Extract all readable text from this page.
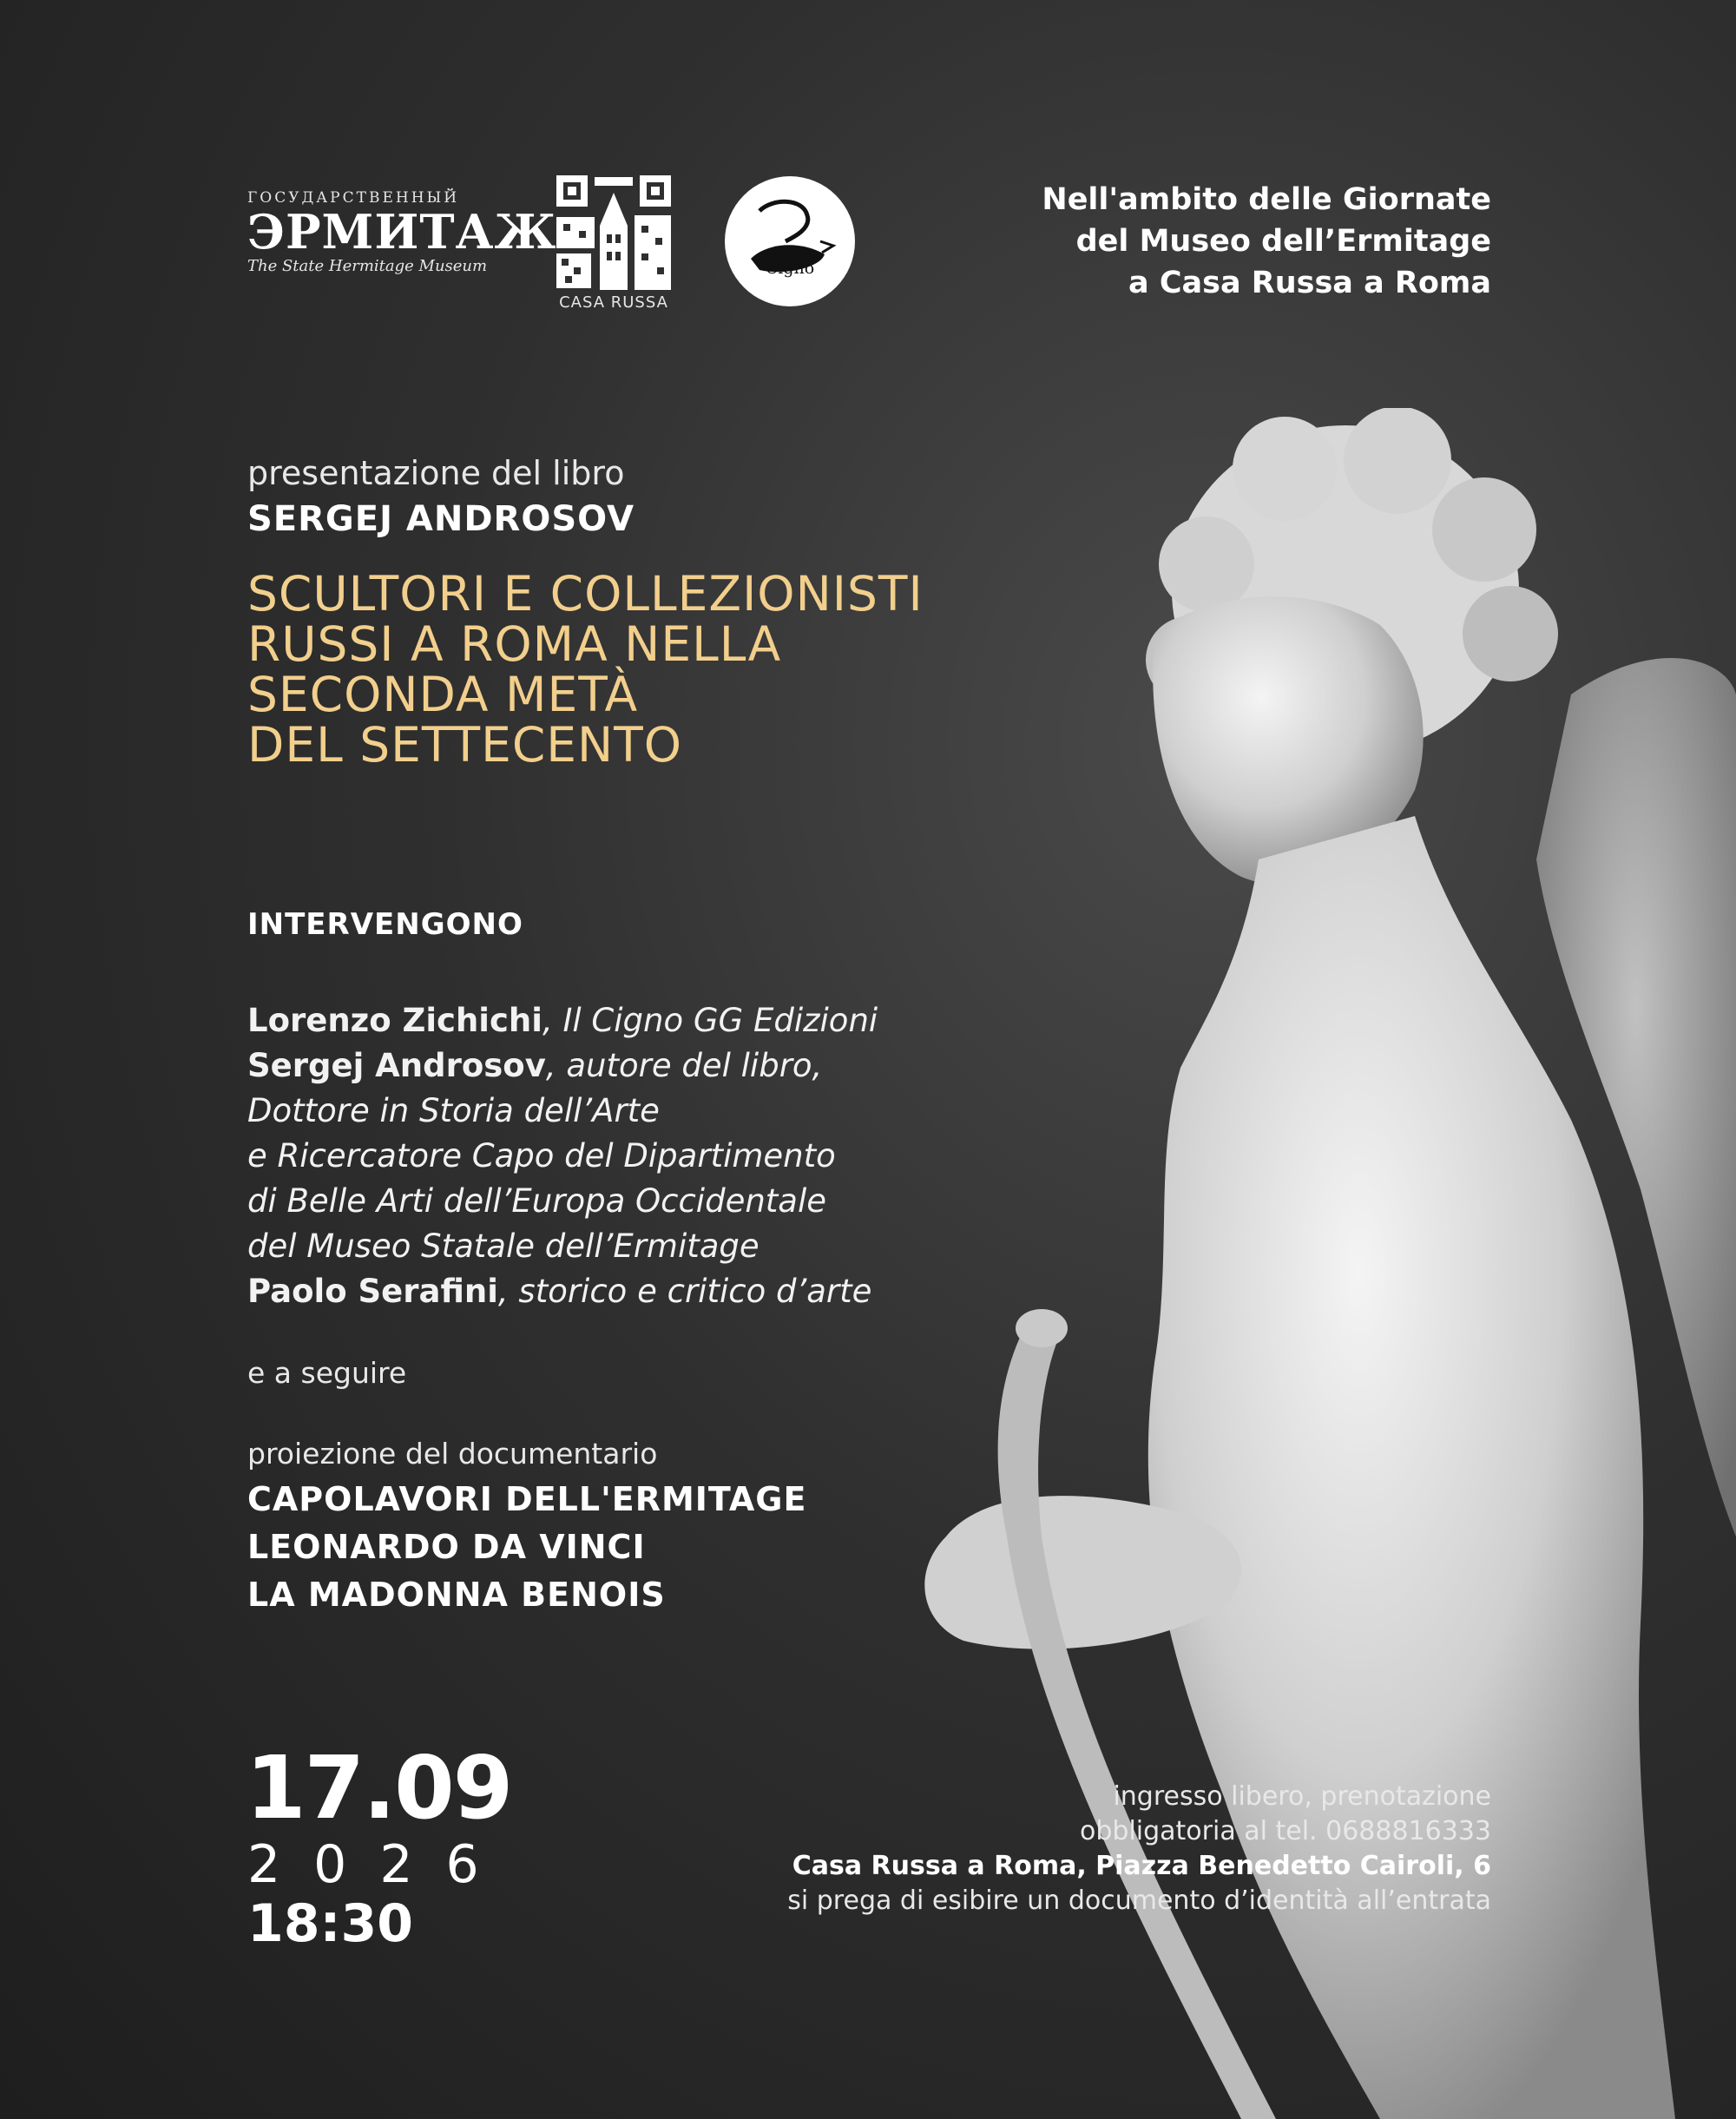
ГОСУДАРСТВЕННЫЙ
ЭРМИТАЖ
The State Hermitage Museum
CASA RUSSA
Cigno
Nell'ambito delle Giornate
del Museo dell’Ermitage
a Casa Russa a Roma
presentazione del libro
SERGEJ ANDROSOV
SCULTORI E COLLEZIONISTI
RUSSI A ROMA NELLA
SECONDA METÀ
DEL SETTECENTO
INTERVENGONO
Lorenzo Zichichi, Il Cigno GG Edizioni
Sergej Androsov, autore del libro,
Dottore in Storia dell’Arte
e Ricercatore Capo del Dipartimento
di Belle Arti dell’Europa Occidentale
del Museo Statale dell’Ermitage
Paolo Serafini, storico e critico d’arte
e a seguire
proiezione del documentario
CAPOLAVORI DELL'ERMITAGE
LEONARDO DA VINCI
LA MADONNA BENOIS
17.09
2026
18:30
ingresso libero, prenotazione
obbligatoria al tel. 0688816333
Casa Russa a Roma, Piazza Benedetto Cairoli, 6
si prega di esibire un documento d’identità all’entrata
